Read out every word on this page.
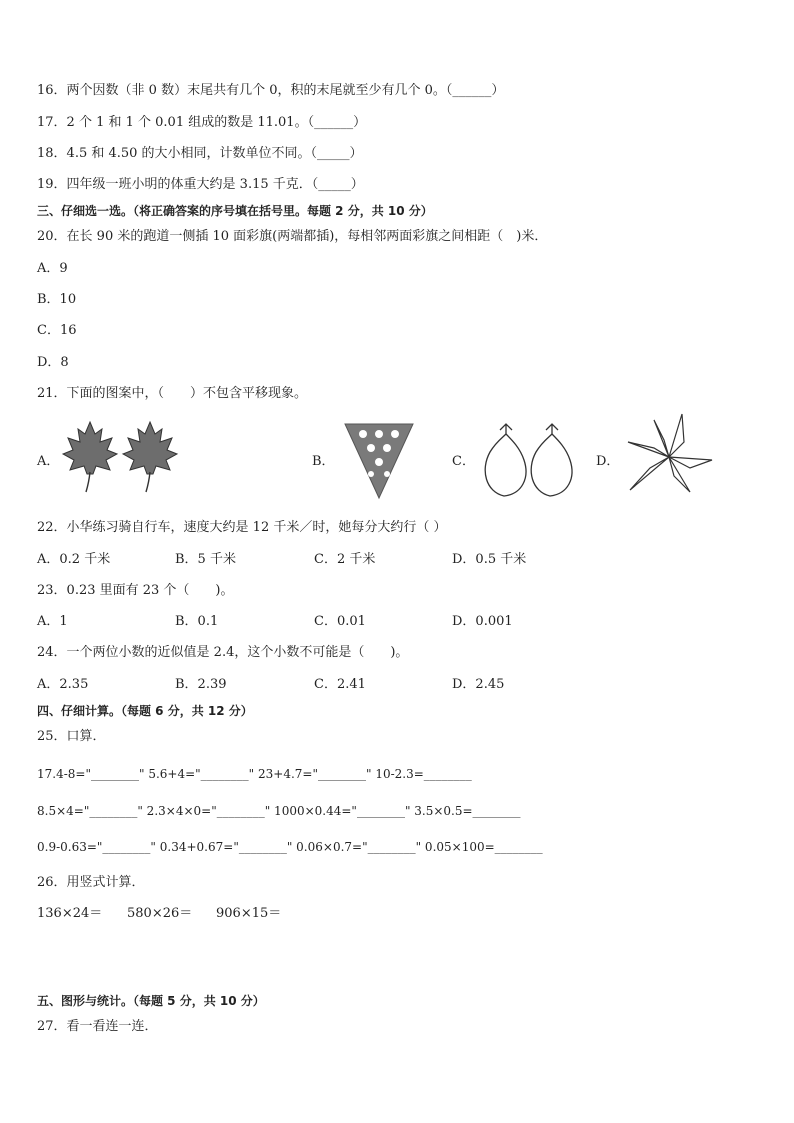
16．两个因数（非 0 数）末尾共有几个 0，积的末尾就至少有几个 0。（______）
17．2 个 1 和 1 个 0.01 组成的数是 11.01。（______）
18．4.5 和 4.50 的大小相同，计数单位不同。（_____）
19．四年级一班小明的体重大约是 3.15 千克．（_____）
三、仔细选一选。（将正确答案的序号填在括号里。每题 2 分，共 10 分）
20．在长 90 米的跑道一侧插 10 面彩旗(两端都插)，每相邻两面彩旗之间相距（　)米．
A．9
B．10
C．16
D．8
21．下面的图案中，（　　）不包含平移现象。
A．	B．	C．	D．
22．小华练习骑自行车，速度大约是 12 千米／时，她每分大约行（ ）
A．0.2 千米	B．5 千米	C．2 千米	D．0.5 千米
23．0.23 里面有 23 个（　　)。
A．1	B．0.1	C．0.01	D．0.001
24．一个两位小数的近似值是 2.4，这个小数不可能是（　　)。
A．2.35	B．2.39	C．2.41	D．2.45
四、仔细计算。（每题 6 分，共 12 分）
25．口算．
17.4-8="________" 5.6+4="________" 23+4.7="________" 10-2.3=________
8.5×4="________" 2.3×4×0="________" 1000×0.44="________" 3.5×0.5=________
0.9-0.63="________" 0.34+0.67="________" 0.06×0.7="________" 0.05×100=________
26．用竖式计算．
136×24＝ 580×26＝ 906×15＝
五、图形与统计。（每题 5 分，共 10 分）
27．看一看连一连．
